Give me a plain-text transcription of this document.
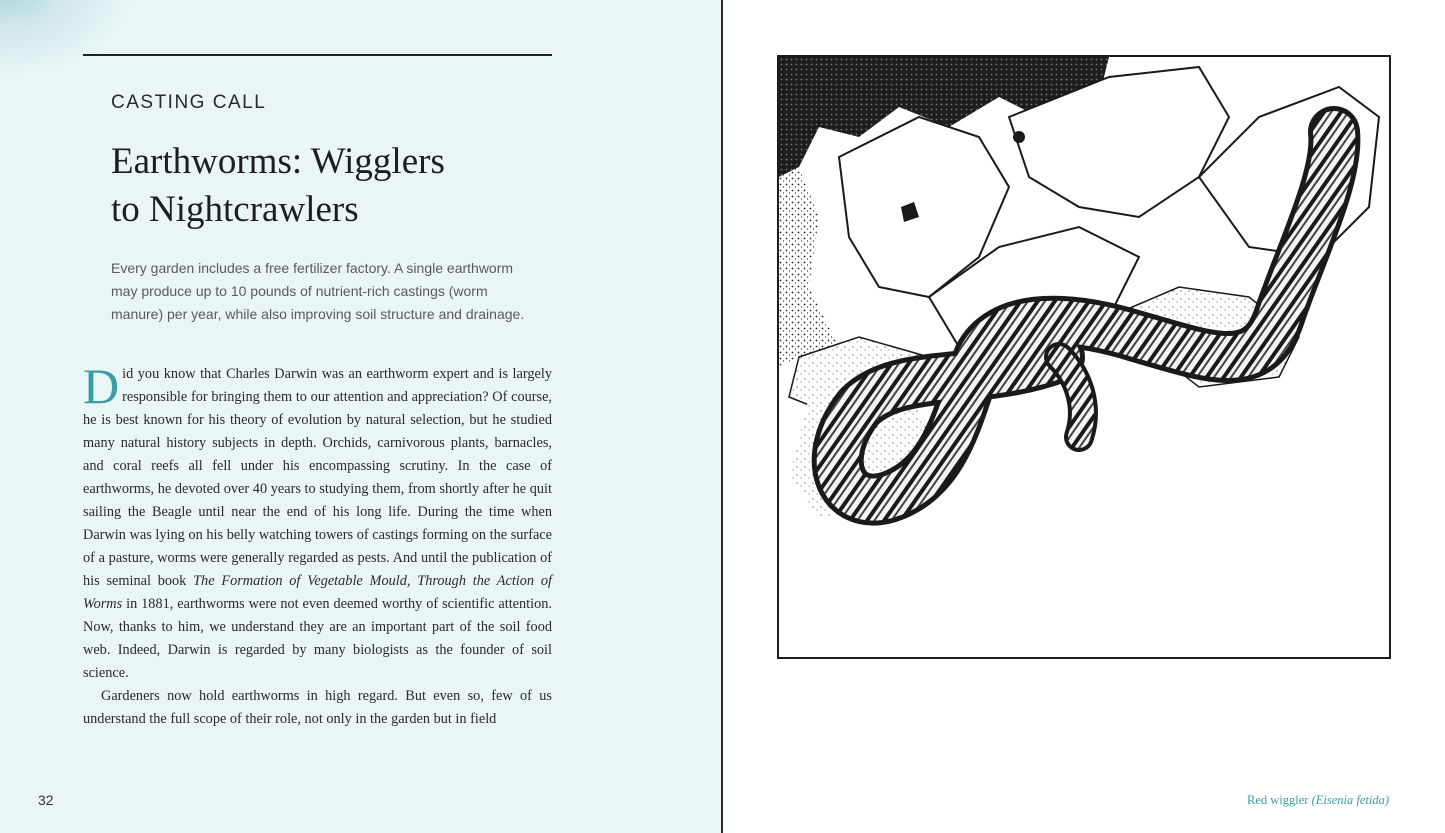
CASTING CALL
Earthworms: Wigglers
to Nightcrawlers
Every garden includes a free fertilizer factory. A single earthworm may produce up to 10 pounds of nutrient-rich castings (worm manure) per year, while also improving soil structure and drainage.

Did you know that Charles Darwin was an earthworm expert and is largely responsible for bringing them to our attention and appreciation? Of course, he is best known for his theory of evolution by natural selection, but he studied many natural history subjects in depth. Orchids, carnivorous plants, barnacles, and coral reefs all fell under his encompassing scrutiny. In the case of earthworms, he devoted over 40 years to studying them, from shortly after he quit sailing the Beagle until near the end of his long life. During the time when Darwin was lying on his belly watching towers of castings forming on the surface of a pasture, worms were generally regarded as pests. And until the publication of his seminal book The Formation of Vegetable Mould, Through the Action of Worms in 1881, earthworms were not even deemed worthy of scientific attention. Now, thanks to him, we understand they are an important part of the soil food web. Indeed, Darwin is regarded by many biologists as the founder of soil science.

Gardeners now hold earthworms in high regard. But even so, few of us understand the full scope of their role, not only in the garden but in field

32	Red wiggler (Eisenia fetida)
